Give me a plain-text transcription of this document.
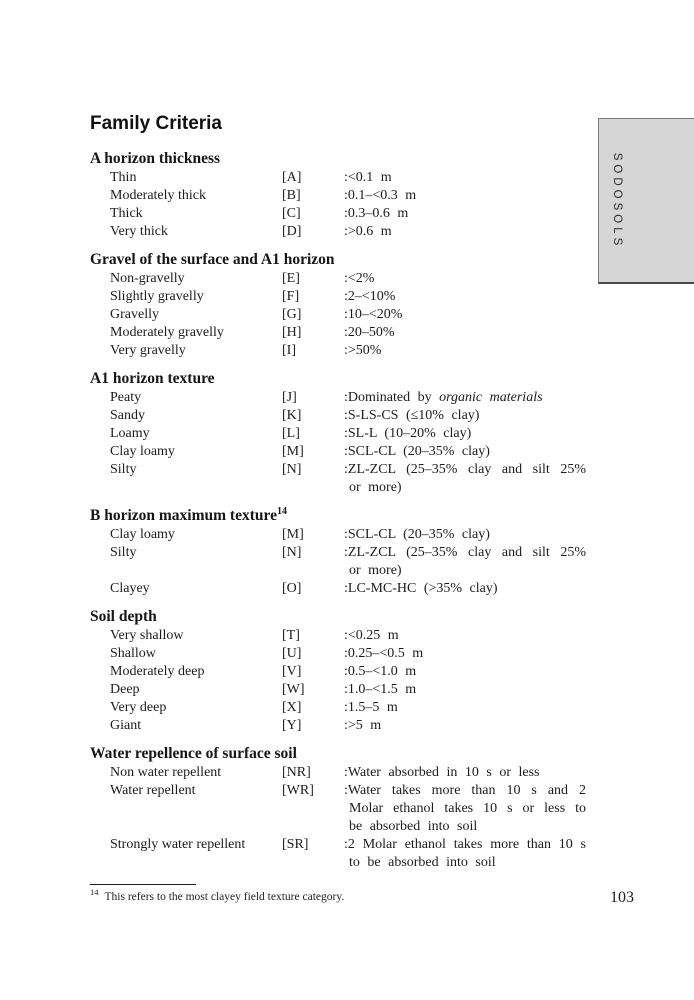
SODOSOLS
Family Criteria
A horizon thickness
Thin	[A]	:<0.1 m
Moderately thick	[B]	:0.1–<0.3 m
Thick	[C]	:0.3–0.6 m
Very thick	[D]	:>0.6 m
Gravel of the surface and A1 horizon
Non-gravelly	[E]	:<2%
Slightly gravelly	[F]	:2–<10%
Gravelly	[G]	:10–<20%
Moderately gravelly	[H]	:20–50%
Very gravelly	[I]	:>50%
A1 horizon texture
Peaty	[J]	:Dominated by organic materials
Sandy	[K]	:S-LS-CS (≤10% clay)
Loamy	[L]	:SL-L (10–20% clay)
Clay loamy	[M]	:SCL-CL (20–35% clay)
Silty	[N]	:ZL-ZCL (25–35% clay and silt 25% or more)
B horizon maximum texture$^{14}$
Clay loamy	[M]	:SCL-CL (20–35% clay)
Silty	[N]	:ZL-ZCL (25–35% clay and silt 25% or more)
Clayey	[O]	:LC-MC-HC (>35% clay)
Soil depth
Very shallow	[T]	:<0.25 m
Shallow	[U]	:0.25–<0.5 m
Moderately deep	[V]	:0.5–<1.0 m
Deep	[W]	:1.0–<1.5 m
Very deep	[X]	:1.5–5 m
Giant	[Y]	:>5 m
Water repellence of surface soil
Non water repellent	[NR]	:Water absorbed in 10 s or less
Water repellent	[WR]	:Water takes more than 10 s and 2 Molar ethanol takes 10 s or less to be absorbed into soil
Strongly water repellent	[SR]	:2 Molar ethanol takes more than 10 s to be absorbed into soil
$^{14}$ This refers to the most clayey field texture category.	103
